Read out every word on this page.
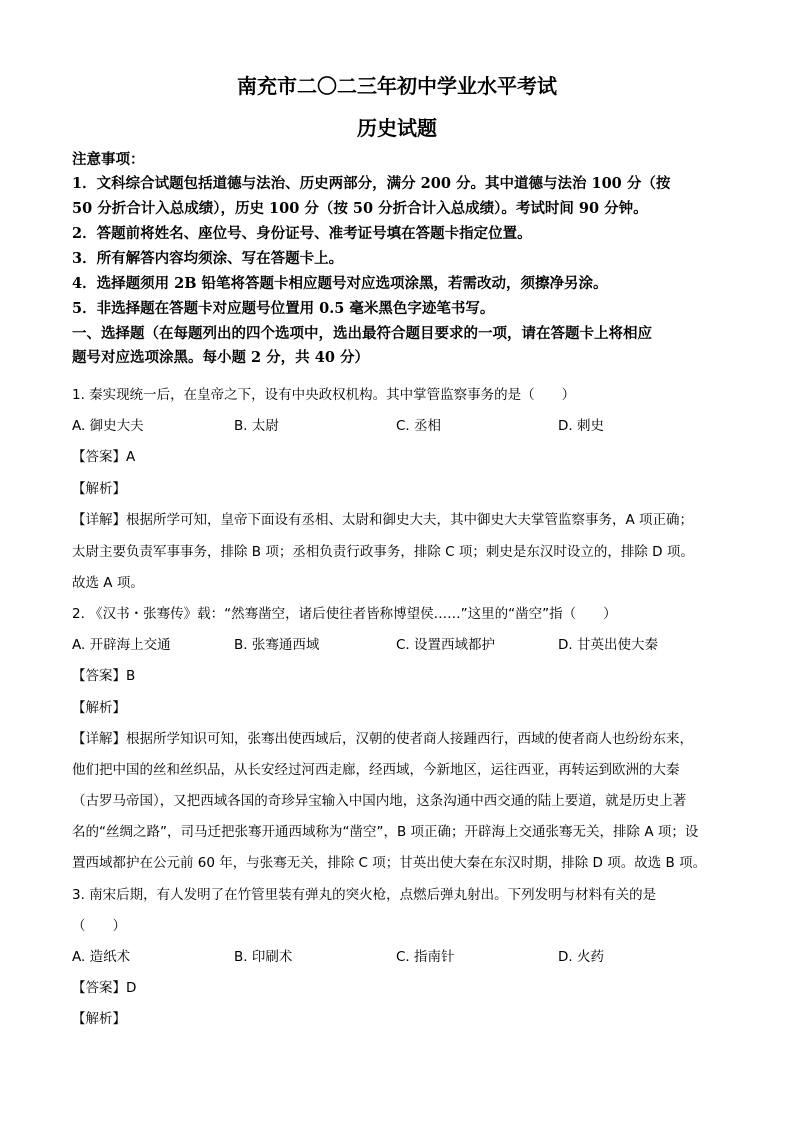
南充市二〇二三年初中学业水平考试
历史试题
注意事项：
1．文科综合试题包括道德与法治、历史两部分，满分 200 分。其中道德与法治 100 分（按
50 分折合计入总成绩），历史 100 分（按 50 分折合计入总成绩）。考试时间 90 分钟。
2．答题前将姓名、座位号、身份证号、准考证号填在答题卡指定位置。
3．所有解答内容均须涂、写在答题卡上。
4．选择题须用 2B 铅笔将答题卡相应题号对应选项涂黑，若需改动，须擦净另涂。
5．非选择题在答题卡对应题号位置用 0.5 毫米黑色字迹笔书写。
一、选择题（在每题列出的四个选项中，选出最符合题目要求的一项，请在答题卡上将相应
题号对应选项涂黑。每小题 2 分，共 40 分）
1. 秦实现统一后，在皇帝之下，设有中央政权机构。其中掌管监察事务的是（　　）
A. 御史大夫	B. 太尉	C. 丞相	D. 刺史
【答案】A
【解析】
【详解】根据所学可知，皇帝下面设有丞相、太尉和御史大夫，其中御史大夫掌管监察事务，A 项正确；
太尉主要负责军事事务，排除 B 项；丞相负责行政事务，排除 C 项；刺史是东汉时设立的，排除 D 项。
故选 A 项。
2. 《汉书・张骞传》载：“然骞凿空，诸后使往者皆称博望侯……”这里的“凿空”指（　　）
A. 开辟海上交通	B. 张骞通西域	C. 设置西域都护	D. 甘英出使大秦
【答案】B
【解析】
【详解】根据所学知识可知，张骞出使西域后，汉朝的使者商人接踵西行，西域的使者商人也纷纷东来，
他们把中国的丝和丝织品，从长安经过河西走廊，经西域，今新地区，运往西亚，再转运到欧洲的大秦
（古罗马帝国），又把西域各国的奇珍异宝输入中国内地，这条沟通中西交通的陆上要道，就是历史上著
名的“丝绸之路”，司马迁把张骞开通西域称为“凿空”，B 项正确；开辟海上交通张骞无关，排除 A 项；设
置西域都护在公元前 60 年，与张骞无关，排除 C 项；甘英出使大秦在东汉时期，排除 D 项。故选 B 项。
3. 南宋后期，有人发明了在竹管里装有弹丸的突火枪，点燃后弹丸射出。下列发明与材料有关的是
（　　）
A. 造纸术	B. 印刷术	C. 指南针	D. 火药
【答案】D
【解析】
